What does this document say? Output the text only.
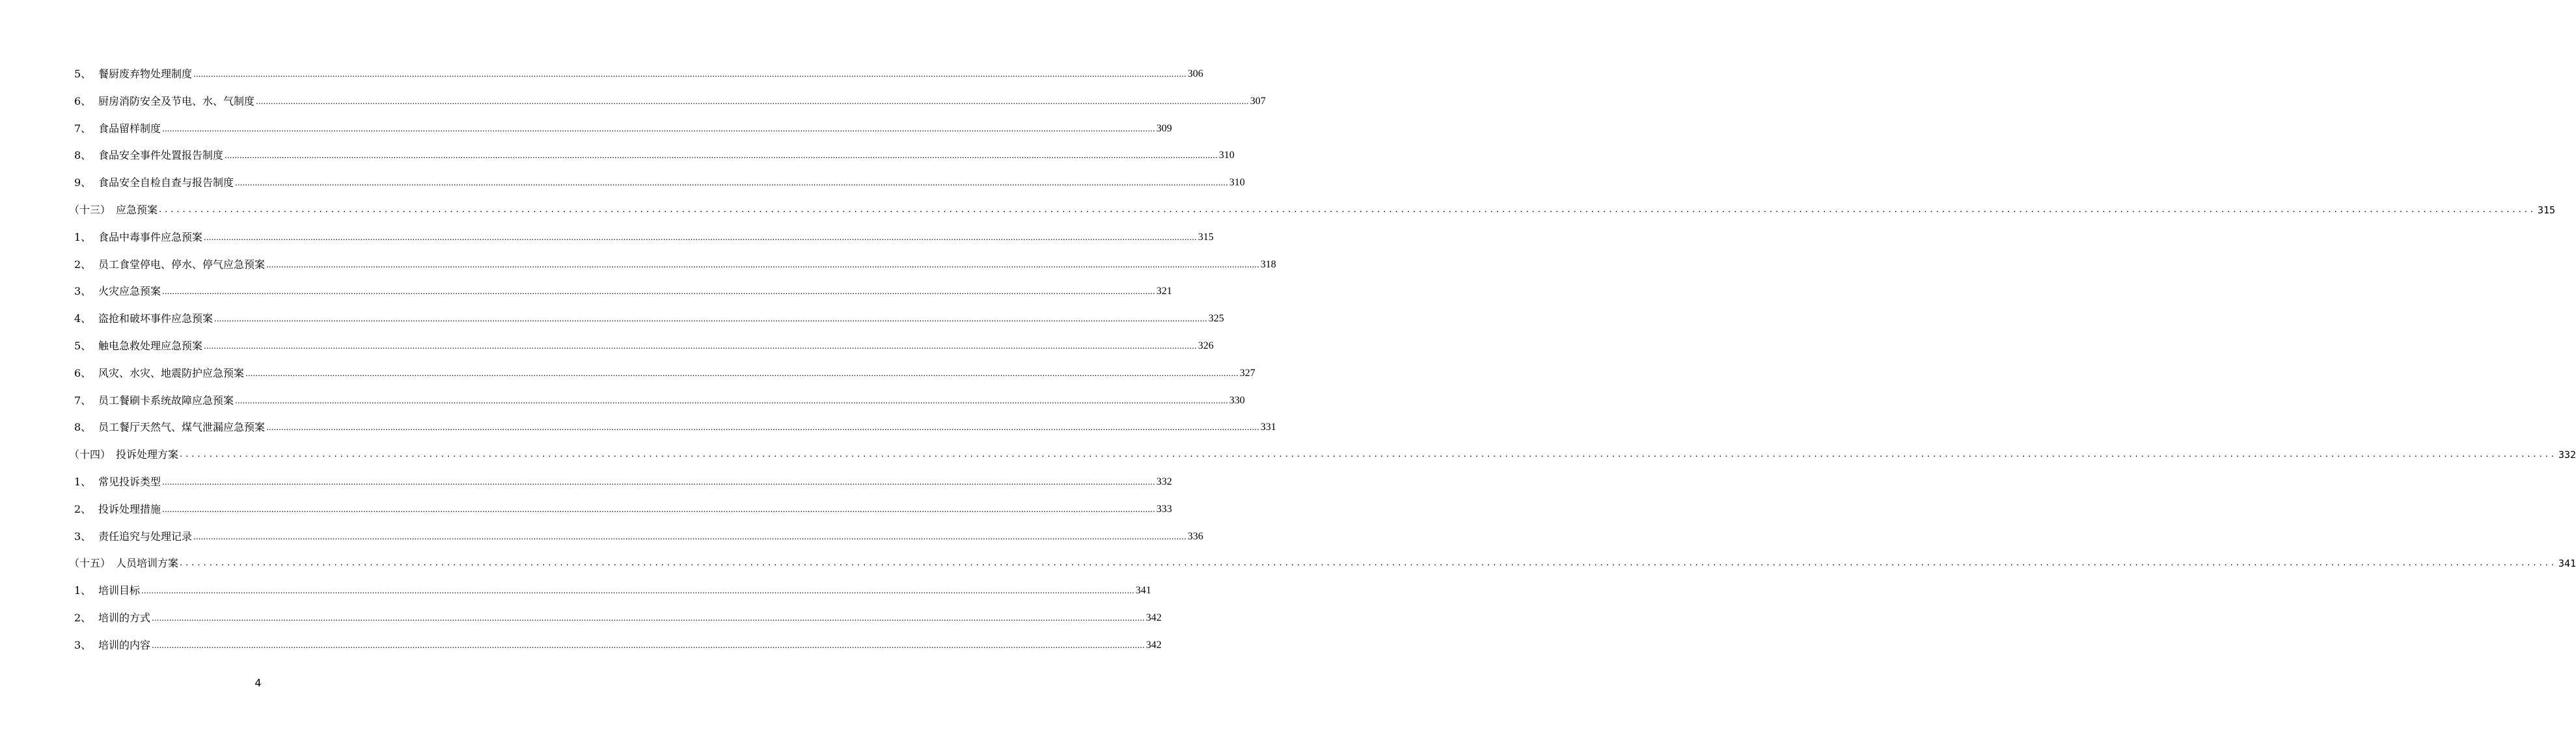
5、 餐厨废弃物处理制度 ................................................................................................................................................................................................................................................................................................................................................................................................................ 306
6、 厨房消防安全及节电、水、气制度 ................................................................................................................................................................................................................................................................................................................................................................................................................ 307
7、 食品留样制度 ................................................................................................................................................................................................................................................................................................................................................................................................................ 309
8、 食品安全事件处置报告制度 ................................................................................................................................................................................................................................................................................................................................................................................................................ 310
9、 食品安全自检自查与报告制度 ................................................................................................................................................................................................................................................................................................................................................................................................................ 310
（十三） 应急预案 ................................................................................................................................................................................................................................................................................................................................................................................................................ 315
1、 食品中毒事件应急预案 ................................................................................................................................................................................................................................................................................................................................................................................................................ 315
2、 员工食堂停电、停水、停气应急预案 ................................................................................................................................................................................................................................................................................................................................................................................................................ 318
3、 火灾应急预案 ................................................................................................................................................................................................................................................................................................................................................................................................................ 321
4、 盗抢和破坏事件应急预案 ................................................................................................................................................................................................................................................................................................................................................................................................................ 325
5、 触电急救处理应急预案 ................................................................................................................................................................................................................................................................................................................................................................................................................ 326
6、 风灾、水灾、地震防护应急预案 ................................................................................................................................................................................................................................................................................................................................................................................................................ 327
7、 员工餐刷卡系统故障应急预案 ................................................................................................................................................................................................................................................................................................................................................................................................................ 330
8、 员工餐厅天然气、煤气泄漏应急预案 ................................................................................................................................................................................................................................................................................................................................................................................................................ 331
（十四） 投诉处理方案 ................................................................................................................................................................................................................................................................................................................................................................................................................ 332
1、 常见投诉类型 ................................................................................................................................................................................................................................................................................................................................................................................................................ 332
2、 投诉处理措施 ................................................................................................................................................................................................................................................................................................................................................................................................................ 333
3、 责任追究与处理记录 ................................................................................................................................................................................................................................................................................................................................................................................................................ 336
（十五） 人员培训方案 ................................................................................................................................................................................................................................................................................................................................................................................................................ 341
1、 培训目标 ................................................................................................................................................................................................................................................................................................................................................................................................................ 341
2、 培训的方式 ................................................................................................................................................................................................................................................................................................................................................................................................................ 342
3、 培训的内容 ................................................................................................................................................................................................................................................................................................................................................................................................................ 342
4
